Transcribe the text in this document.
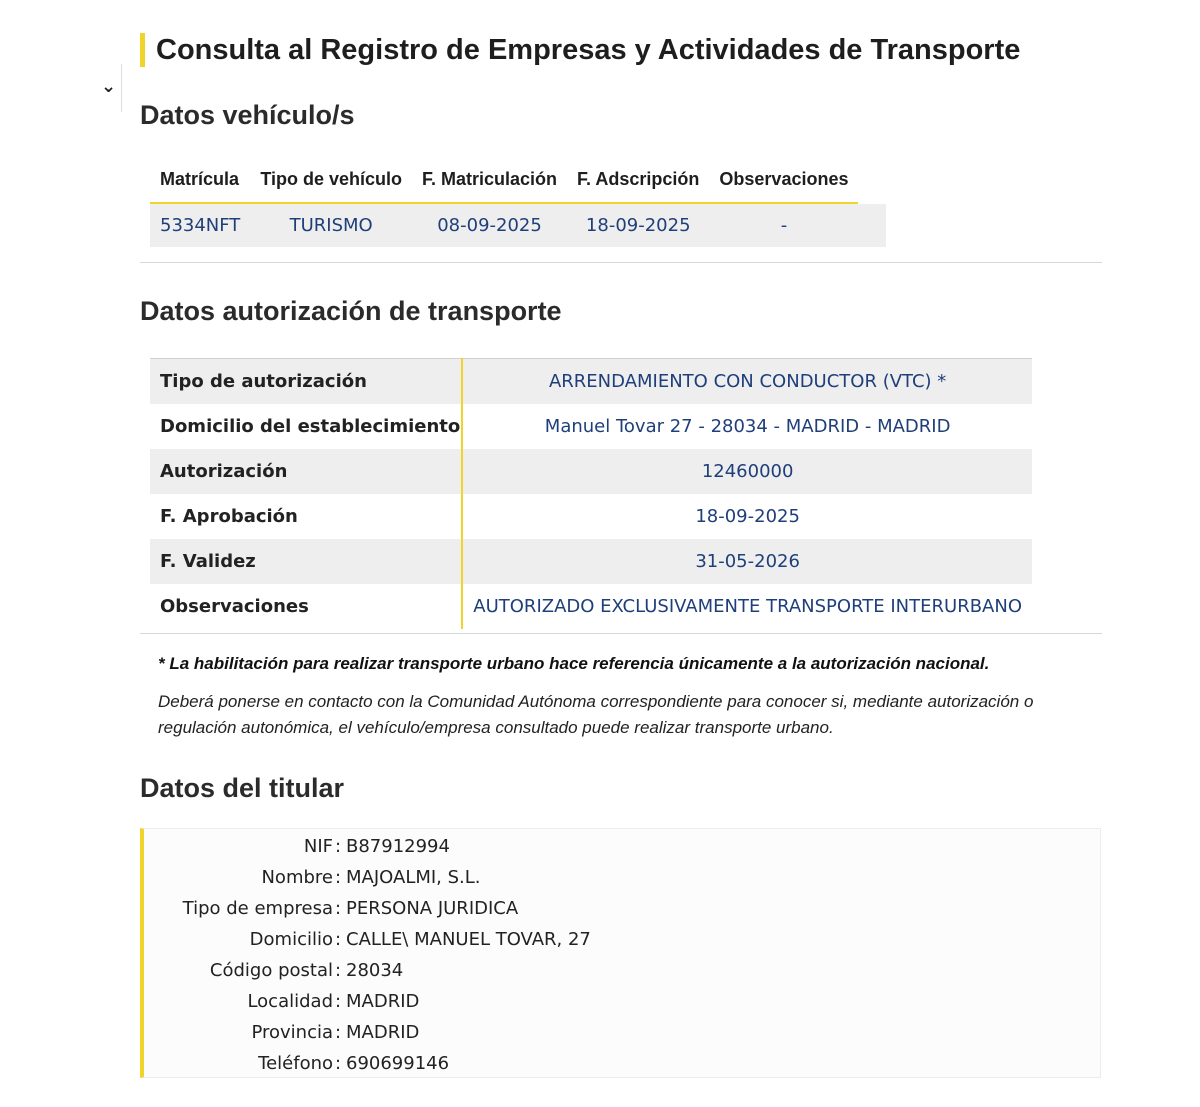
⌄
Consulta al Registro de Empresas y Actividades de Transporte
Datos vehículo/s
Matrícula	Tipo de vehículo	F. Matriculación	F. Adscripción	Observaciones	
5334NFT	TURISMO	08-09-2025	18-09-2025	-	
Datos autorización de transporte
Tipo de autorización	ARRENDAMIENTO CON CONDUCTOR (VTC) *
Domicilio del establecimiento	Manuel Tovar 27 - 28034 - MADRID - MADRID
Autorización	12460000
F. Aprobación	18-09-2025
F. Validez	31-05-2026
Observaciones	AUTORIZADO EXCLUSIVAMENTE TRANSPORTE INTERURBANO

* La habilitación para realizar transporte urbano hace referencia únicamente a la autorización nacional.

Deberá ponerse en contacto con la Comunidad Autónoma correspondiente para conocer si, mediante autorización o regulación autonómica, el vehículo/empresa consultado puede realizar transporte urbano.

Datos del titular
NIF : B87912994
Nombre : MAJOALMI, S.L.
Tipo de empresa : PERSONA JURIDICA
Domicilio : CALLE\ MANUEL TOVAR, 27
Código postal : 28034
Localidad : MADRID
Provincia : MADRID
Teléfono : 690699146
